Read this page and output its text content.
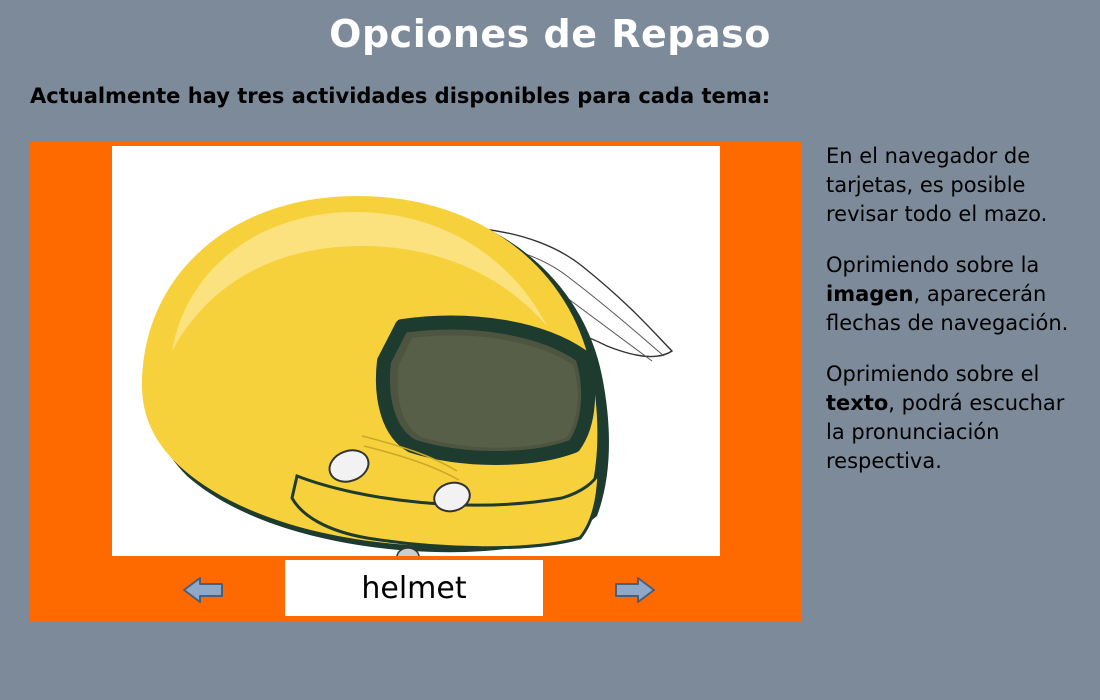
Opciones de Repaso
Actualmente hay tres actividades disponibles para cada tema:
helmet

En el navegador de tarjetas, es posible revisar todo el mazo.

Oprimiendo sobre la imagen, aparecerán flechas de navegación.

Oprimiendo sobre el texto, podrá escuchar la pronunciación respectiva.
